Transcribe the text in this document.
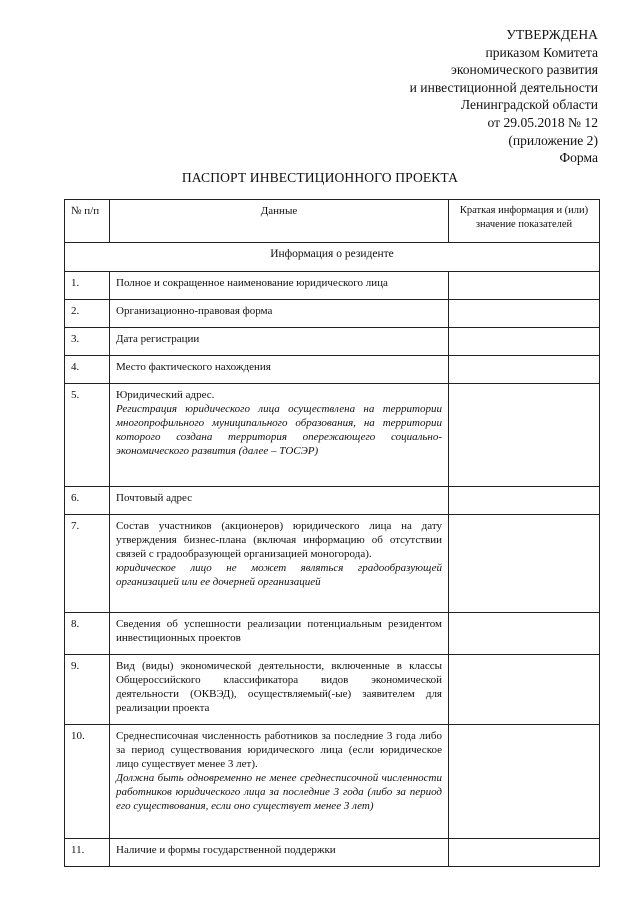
УТВЕРЖДЕНА
приказом Комитета
экономического развития
и инвестиционной деятельности
Ленинградской области
от 29.05.2018 № 12
(приложение 2)
Форма
ПАСПОРТ ИНВЕСТИЦИОННОГО ПРОЕКТА
№ п/п	Данные	Краткая информация и (или) значение показателей
Информация о резиденте		
1.	Полное и сокращенное наименование юридического лица	

2.	Организационно-правовая форма	

3.	Дата регистрации	

4.	Место фактического нахождения	

5.	Юридический адрес.
Регистрация юридического лица осуществлена на территории многопрофильного муниципального образования, на территории которого создана территория опережающего социально-экономического развития (далее – ТОСЭР)	

6.	Почтовый адрес	

7.	Состав участников (акционеров) юридического лица на дату утверждения бизнес-плана (включая информацию об отсутствии связей с градообразующей организацией моногорода).
юридическое лицо не может являться градообразующей организацией или ее дочерней организацией	

8.	Сведения об успешности реализации потенциальным резидентом инвестиционных проектов	

9.	Вид (виды) экономической деятельности, включенные в классы Общероссийского классификатора видов экономической деятельности (ОКВЭД), осуществляемый(-ые) заявителем для реализации проекта	

10.	Среднесписочная численность работников за последние 3 года либо за период существования юридического лица (если юридическое лицо существует менее 3 лет).
Должна быть одновременно не менее среднесписочной численности работников юридического лица за последние 3 года (либо за период его существования, если оно существует менее 3 лет)	

11.	Наличие и формы государственной поддержки	
